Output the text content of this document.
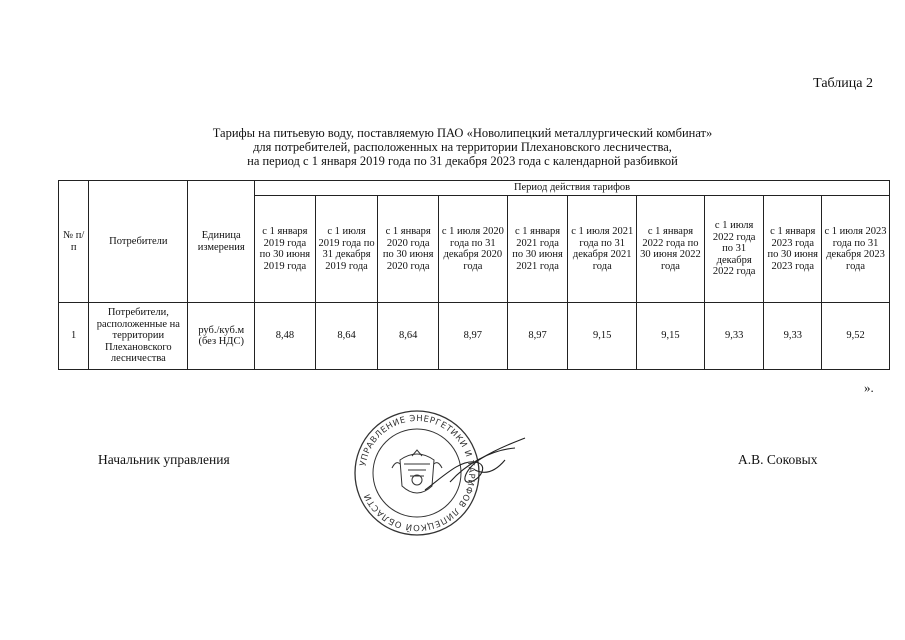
Таблица 2
Тарифы на питьевую воду, поставляемую ПАО «Новолипецкий металлургический комбинат»
для потребителей, расположенных на территории Плехановского лесничества,
на период с 1 января 2019 года по 31 декабря 2023 года с календарной разбивкой
№ п/п	Потребители	Единица измерения	Период действия тарифов									
			с 1 января 2019 года по 30 июня 2019 года	с 1 июля 2019 года по 31 декабря 2019 года	с 1 января 2020 года по 30 июня 2020 года	с 1 июля 2020 года по 31 декабря 2020 года	с 1 января 2021 года по 30 июня 2021 года	с 1 июля 2021 года по 31 декабря 2021 года	с 1 января 2022 года по 30 июня 2022 года	с 1 июля 2022 года по 31 декабря 2022 года	с 1 января 2023 года по 30 июня 2023 года	с 1 июля 2023 года по 31 декабря 2023 года
1	Потребители, расположенные на территории Плехановского лесничества	руб./куб.м (без НДС)	8,48	8,64	8,64	8,97	8,97	9,15	9,15	9,33	9,33	9,52
».
Начальник управления	А.В. Соковых
УПРАВЛЕНИЕ ЭНЕРГЕТИКИ И ТАРИФОВ ЛИПЕЦКОЙ ОБЛАСТИ
